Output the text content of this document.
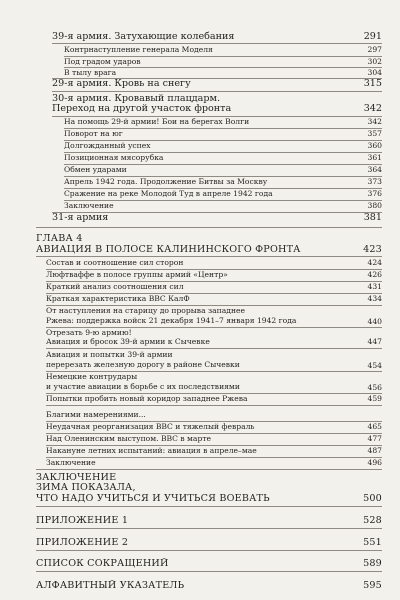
39-я армия. Затухающие колебания	291
Контрнаступление генерала Моделя	297
Под градом ударов	302
В тылу врага	304
29-я армия. Кровь на снегу	315
30-я армия. Кровавый плацдарм.
Переход на другой участок фронта	342
На помощь 29-й армии! Бои на берегах Волги	342
Поворот на юг	357
Долгожданный успех	360
Позиционная мясорубка	361
Обмен ударами	364
Апрель 1942 года. Продолжение Битвы за Москву	373
Сражение на реке Молодой Туд в апреле 1942 года	376
Заключение	380
31-я армия	381
ГЛАВА 4
АВИАЦИЯ В ПОЛОСЕ КАЛИНИНСКОГО ФРОНТА	423
Состав и соотношение сил сторон	424
Люфтваффе в полосе группы армий «Центр»	426
Краткий анализ соотношения сил	431
Краткая характеристика ВВС КалФ	434
От наступления на старицу до прорыва западнее
Ржева: поддержка войск 21 декабря 1941–7 января 1942 года	440
Отрезать 9-ю армию!
Авиация и бросок 39-й армии к Сычевке	447
Авиация и попытки 39-й армии
перерезать железную дорогу в районе Сычевки	454
Немецкие контрудары
и участие авиации в борьбе с их последствиями	456
Попытки пробить новый коридор западнее Ржева	459
Благими намерениями...
Неудачная реорганизация ВВС и тяжелый февраль	465
Над Оленинским выступом. ВВС в марте	477
Накануне летних испытаний: авиация в апреле–мае	487
Заключение	496
ЗАКЛЮЧЕНИЕ
ЗИМА ПОКАЗАЛА,
ЧТО НАДО УЧИТЬСЯ И УЧИТЬСЯ ВОЕВАТЬ	500
ПРИЛОЖЕНИЕ 1	528
ПРИЛОЖЕНИЕ 2	551
СПИСОК СОКРАЩЕНИЙ	589
АЛФАВИТНЫЙ УКАЗАТЕЛЬ	595
